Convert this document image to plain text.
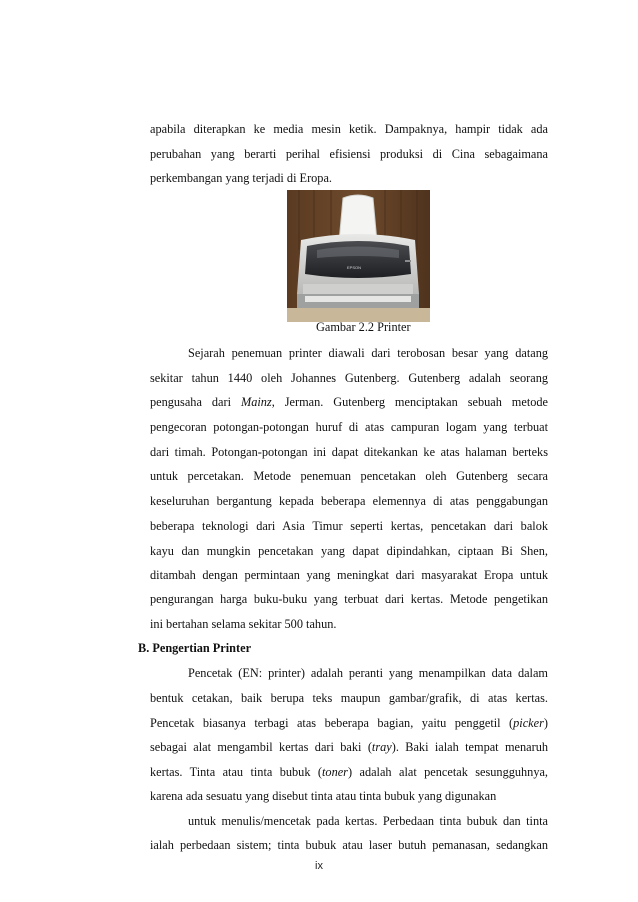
apabila diterapkan ke media mesin ketik. Dampaknya, hampir tidak ada
perubahan yang berarti perihal efisiensi produksi di Cina sebagaimana
perkembangan yang terjadi di Eropa.
EPSON
Gambar 2.2 Printer
Sejarah penemuan printer diawali dari terobosan besar yang datang
sekitar tahun 1440 oleh Johannes Gutenberg. Gutenberg adalah seorang
pengusaha dari Mainz, Jerman. Gutenberg menciptakan sebuah metode
pengecoran potongan-potongan huruf di atas campuran logam yang terbuat
dari timah. Potongan-potongan ini dapat ditekankan ke atas halaman berteks
untuk percetakan. Metode penemuan pencetakan oleh Gutenberg secara
keseluruhan bergantung kepada beberapa elemennya di atas penggabungan
beberapa teknologi dari Asia Timur seperti kertas, pencetakan dari balok
kayu dan mungkin pencetakan yang dapat dipindahkan, ciptaan Bi Shen,
ditambah dengan permintaan yang meningkat dari masyarakat Eropa untuk
pengurangan harga buku-buku yang terbuat dari kertas. Metode pengetikan
ini bertahan selama sekitar 500 tahun.
B. Pengertian Printer
Pencetak (EN: printer) adalah peranti yang menampilkan data dalam
bentuk cetakan, baik berupa teks maupun gambar/grafik, di atas kertas.
Pencetak biasanya terbagi atas beberapa bagian, yaitu penggetil (picker)
sebagai alat mengambil kertas dari baki (tray). Baki ialah tempat menaruh
kertas. Tinta atau tinta bubuk (toner) adalah alat pencetak sesungguhnya,
karena ada sesuatu yang disebut tinta atau tinta bubuk yang digunakan
untuk menulis/mencetak pada kertas. Perbedaan tinta bubuk dan tinta
ialah perbedaan sistem; tinta bubuk atau laser butuh pemanasan, sedangkan
ix
